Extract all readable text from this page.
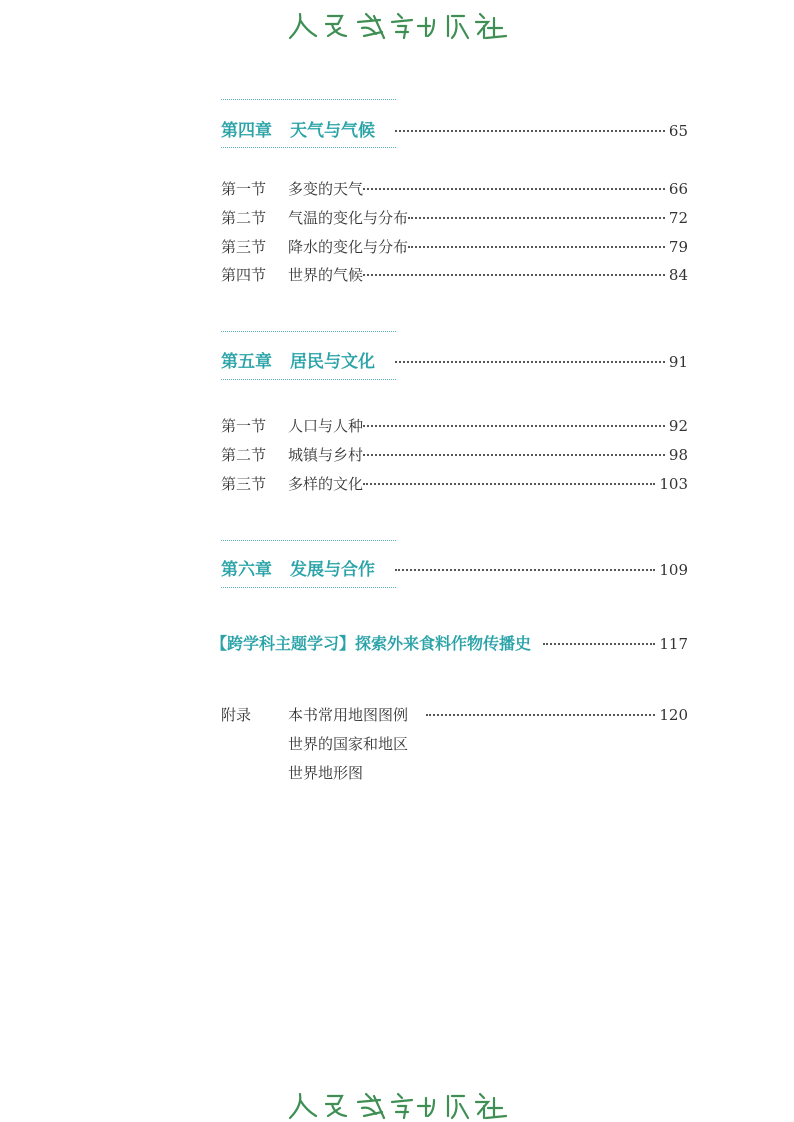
第四章 天气与气候	65
第一节 多变的天气	66
第二节 气温的变化与分布	72
第三节 降水的变化与分布	79
第四节 世界的气候	84
第五章 居民与文化	91
第一节 人口与人种	92
第二节 城镇与乡村	98
第三节 多样的文化	103
第六章 发展与合作	109
【跨学科主题学习】探索外来食料作物传播史	117
附录 本书常用地图图例	120
世界的国家和地区
世界地形图
